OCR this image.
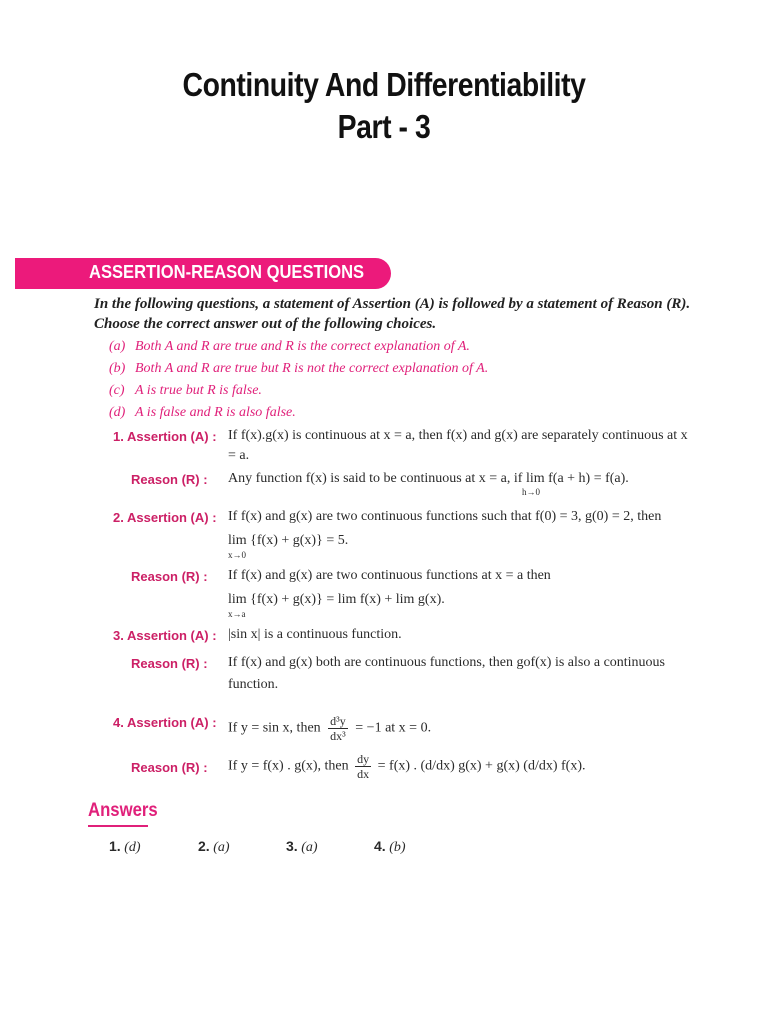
Continuity And Differentiability
Part - 3
ASSERTION-REASON QUESTIONS
In the following questions, a statement of Assertion (A) is followed by a statement of Reason (R).
Choose the correct answer out of the following choices.
(a) Both A and R are true and R is the correct explanation of A.
(b) Both A and R are true but R is not the correct explanation of A.
(c) A is true but R is false.
(d) A is false and R is also false.
1. Assertion (A) : If f(x).g(x) is continuous at x = a, then f(x) and g(x) are separately continuous at x
= a.
Reason (R) : Any function f(x) is said to be continuous at x = a, if lim f(a + h) = f(a).
h→0
2. Assertion (A) : If f(x) and g(x) are two continuous functions such that f(0) = 3, g(0) = 2, then
lim {f(x) + g(x)} = 5.
x→0
Reason (R) : If f(x) and g(x) are two continuous functions at x = a then
lim {f(x) + g(x)} = lim f(x) + lim g(x).
x→a
3. Assertion (A) : |sin x| is a continuous function.
Reason (R) : If f(x) and g(x) both are continuous functions, then gof(x) is also a continuous
function.
4. Assertion (A) : If y = sin x, then $\frac{\text{d³y}}{\text{dx³}} = -1$ at x = 0.
Reason (R) : If y = f(x) . g(x), then $\frac{dy}{dx} = f(x)$ . (d/dx) g(x) + g(x) (d/dx) f(x).
Answers
1. (d)	2. (a)	3. (a)	4. (b)
